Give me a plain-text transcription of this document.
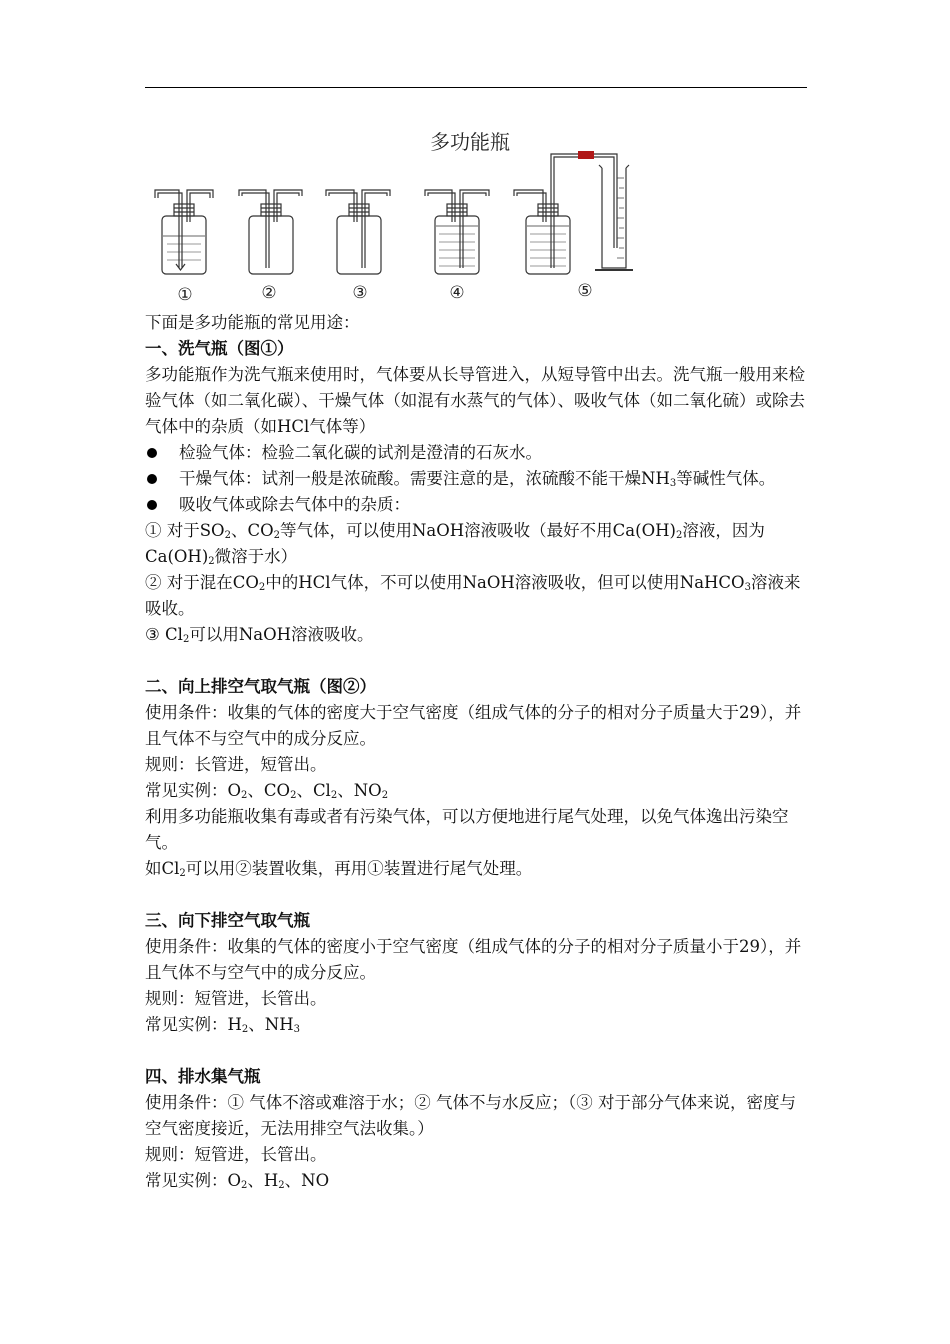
①	②	③	④	⑤
多功能瓶

下面是多功能瓶的常见用途：

一、洗气瓶（图①）

多功能瓶作为洗气瓶来使用时，气体要从长导管进入，从短导管中出去。洗气瓶一般用来检验气体（如二氧化碳）、干燥气体（如混有水蒸气的气体）、吸收气体（如二氧化硫）或除去气体中的杂质（如HCl气体等）

检验气体：检验二氧化碳的试剂是澄清的石灰水。

干燥气体：试剂一般是浓硫酸。需要注意的是，浓硫酸不能干燥$NH_3$等碱性气体。

吸收气体或除去气体中的杂质：

① 对于$SO_2$、$CO_2$等气体，可以使用NaOH溶液吸收（最好不用$Ca(OH)_2$溶液，因为$Ca(OH)_2$微溶于水）

② 对于混在$CO_2$中的HCl气体，不可以使用NaOH溶液吸收，但可以使用NaHCO$_3$溶液来吸收。

③ $Cl_2$可以用NaOH溶液吸收。

二、向上排空气取气瓶（图②）

使用条件：收集的气体的密度大于空气密度（组成气体的分子的相对分子质量大于29），并且气体不与空气中的成分反应。

规则：长管进，短管出。

常见实例：$O_2$、$CO_2$、$Cl_2$、$NO_2$

利用多功能瓶收集有毒或者有污染气体，可以方便地进行尾气处理，以免气体逸出污染空气。

如$Cl_2$可以用②装置收集，再用①装置进行尾气处理。

三、向下排空气取气瓶

使用条件：收集的气体的密度小于空气密度（组成气体的分子的相对分子质量小于29），并且气体不与空气中的成分反应。

规则：短管进，长管出。

常见实例：$H_2$、$NH_3$

四、排水集气瓶

使用条件：① 气体不溶或难溶于水；② 气体不与水反应；（③ 对于部分气体来说，密度与空气密度接近，无法用排空气法收集。）

规则：短管进，长管出。

常见实例：$O_2$、$H_2$、NO
